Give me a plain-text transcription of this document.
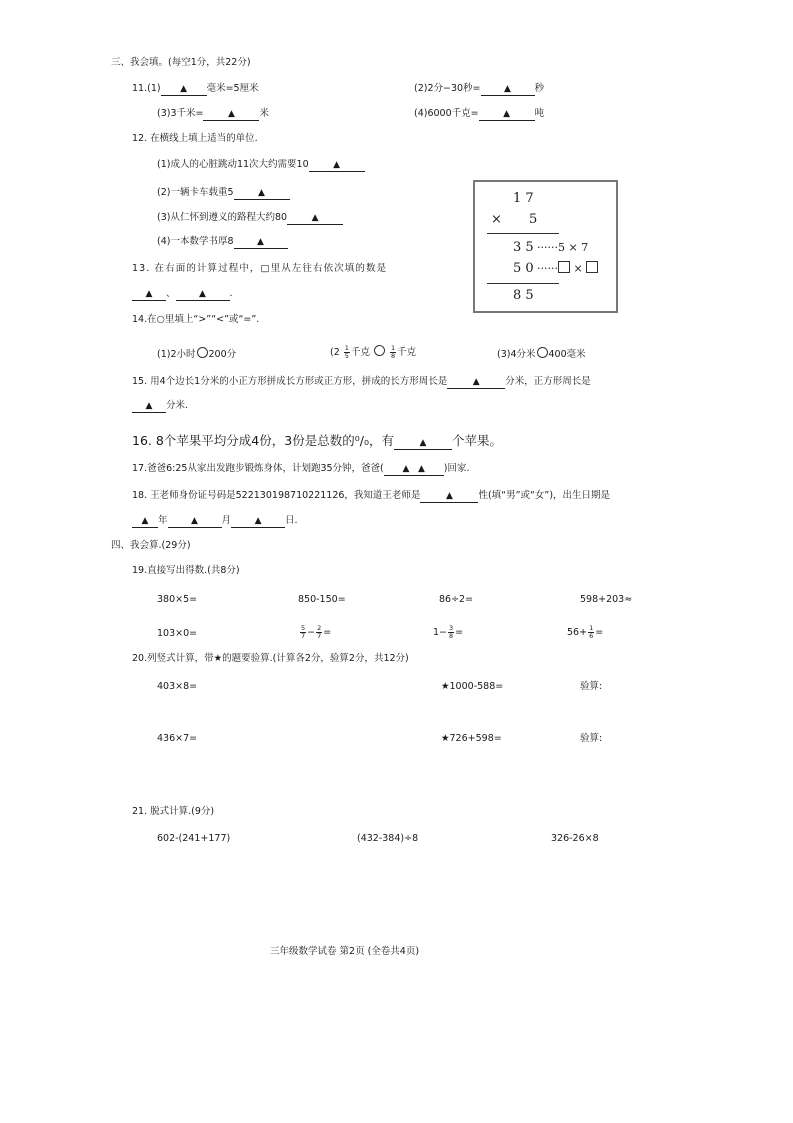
三、我会填。(每空1分，共22分)
11.(1) ▲ 毫米=5厘米	(2)2分−30秒=	▲ 秒
(3)3千米=	▲	米	(4)6000千克=	▲	吨
12. 在横线上填上适当的单位.
(1)成人的心脏跳动11次大约需要10	▲
(2)一辆卡车载重5	▲
(3)从仁怀到遵义的路程大约80	▲
(4)一本数学书厚8	▲
13. 在右面的计算过程中，□里从左往右依次填的数是
▲ 、	▲ .
1 7
× 5
3 5 ······5 × 7
5 0 ······ ×
8 5
14.在○里填上“>”“<”或“=”.
(1)2小时 200分	($2 \frac{1}{5}$ 千克	$\frac{1}{8}$ 千克	(3)4分米 400毫米
15. 用4个边长1分米的小正方形拼成长方形或正方形，拼成的长方形周长是	▲	分米，正方形周长是
▲ 分米.
16. 8个苹果平均分成4份，3份是总数的⁰/₀，有	▲ 个苹果。
17.爸爸6:25从家出发跑步锻炼身体，计划跑35分钟，爸爸( ▲ ▲ )回家.
18. 王老师身份证号码是522130198710221126，我知道王老师是	▲	性(填“男”或“女”)，出生日期是
▲ 年	▲ 月	▲ 日.
四、我会算.(29分)
19.直接写出得数.(共8分)
380×5=	850-150=	86÷2=	598+203≈
103×0=	$\frac{5}{7} - \frac{2}{7}$ =	$1- \frac{3}{8}$ =	$56+ \frac{1}{6}$ =
20.列竖式计算，带★的题要验算.(计算各2分，验算2分，共12分)
403×8=	★1000-588=	验算:
436×7=	★726+598=	验算:
21. 脱式计算.(9分)
602-(241+177)	(432-384)÷8	326-26×8
三年级数学试卷 第2页 (全卷共4页)
